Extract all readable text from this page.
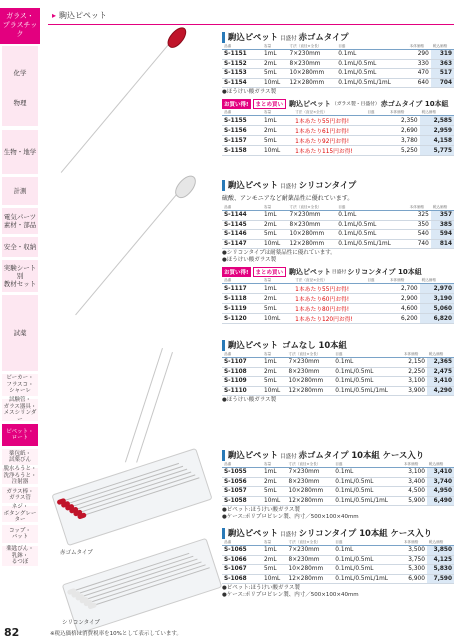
ガラス・
プラスチック
化学
物理
生物・地学
計測
電気パーツ
素材・部品
安全・収納
実験シート別
教材セット
試薬
ビーカー・
フラスコ・
シャーレ
試験管・
ガラス器具・
メスシリンダー
ピペット・
ロート
薬包紙・
試薬びん
脱水ろうと・
洗浄ろうと・
注射器
ガラス棒・
ガラス管
ネジ・
ボタングレーター
コップ・
バット
薬匙びん・
乳鉢・
るつぼ
▸ 駒込ピペット
赤ゴムタイプ
シリコンタイプ
駒込ピペット 目盛付 赤ゴムタイプ
品番	容量	寸法（直径×全長）	目盛	本体価格	税込価格
S-1151	1mL	7×230mm	0.1mL	290	319
S-1152	2mL	8×230mm	0.1mL/0.5mL	330	363
S-1153	5mL	10×280mm	0.1mL/0.5mL	470	517
S-1154	10mL	12×280mm	0.1mL/0.5mL/1mL	640	704
●ほうけい酸ガラス製
お買い得!	まとめ買い 駒込ピペット （ガラス製・目盛付） 赤ゴムタイプ 10本組
品番	容量	寸法（直径×全長）	目盛	本体価格	税込価格
S-1155	1mL	1本あたり55円お得!		2,350	2,585
S-1156	2mL	1本あたり61円お得!		2,690	2,959
S-1157	5mL	1本あたり92円お得!		3,780	4,158
S-1158	10mL	1本あたり115円お得!		5,250	5,775
駒込ピペット 目盛付 シリコンタイプ
硫酸、アンモニアなど耐薬品性に優れています。
品番	容量	寸法（直径×全長）	目盛	本体価格	税込価格
S-1144	1mL	7×230mm	0.1mL	325	357
S-1145	2mL	8×230mm	0.1mL/0.5mL	350	385
S-1146	5mL	10×280mm	0.1mL/0.5mL	540	594
S-1147	10mL	12×280mm	0.1mL/0.5mL/1mL	740	814
●シリコンタイプは耐薬品性に優れています。
●ほうけい酸ガラス製
お買い得!	まとめ買い 駒込ピペット 目盛付 シリコンタイプ 10本組
品番	容量	寸法（直径×全長）	目盛	本体価格	税込価格
S-1117	1mL	1本あたり55円お得!		2,700	2,970
S-1118	2mL	1本あたり60円お得!		2,900	3,190
S-1119	5mL	1本あたり80円お得!		4,600	5,060
S-1120	10mL	1本あたり120円お得!		6,200	6,820
駒込ピペット ゴムなし 10本組
品番	容量	寸法（直径×全長）	目盛	本体価格	税込価格
S-1107	1mL	7×230mm	0.1mL	2,150	2,365
S-1108	2mL	8×230mm	0.1mL/0.5mL	2,250	2,475
S-1109	5mL	10×280mm	0.1mL/0.5mL	3,100	3,410
S-1110	10mL	12×280mm	0.1mL/0.5mL/1mL	3,900	4,290
●ほうけい酸ガラス製
駒込ピペット 目盛付 赤ゴムタイプ 10本組 ケース入り
品番	容量	寸法（直径×全長）	目盛	本体価格	税込価格
S-1055	1mL	7×230mm	0.1mL	3,100	3,410
S-1056	2mL	8×230mm	0.1mL/0.5mL	3,400	3,740
S-1057	5mL	10×280mm	0.1mL/0.5mL	4,500	4,950
S-1058	10mL	12×280mm	0.1mL/0.5mL/1mL	5,900	6,490
●ピペット:ほうけい酸ガラス製
●ケース:ポリプロピレン製、内寸／500×100×40mm
駒込ピペット 目盛付 シリコンタイプ 10本組 ケース入り
品番	容量	寸法（直径×全長）	目盛	本体価格	税込価格
S-1065	1mL	7×230mm	0.1mL	3,500	3,850
S-1066	2mL	8×230mm	0.1mL/0.5mL	3,750	4,125
S-1067	5mL	10×280mm	0.1mL/0.5mL	5,300	5,830
S-1068	10mL	12×280mm	0.1mL/0.5mL/1mL	6,900	7,590
●ピペット:ほうけい酸ガラス製
●ケース:ポリプロピレン製、内寸／500×100×40mm
82	※税込価格は消費税率を10%として表示しています。
